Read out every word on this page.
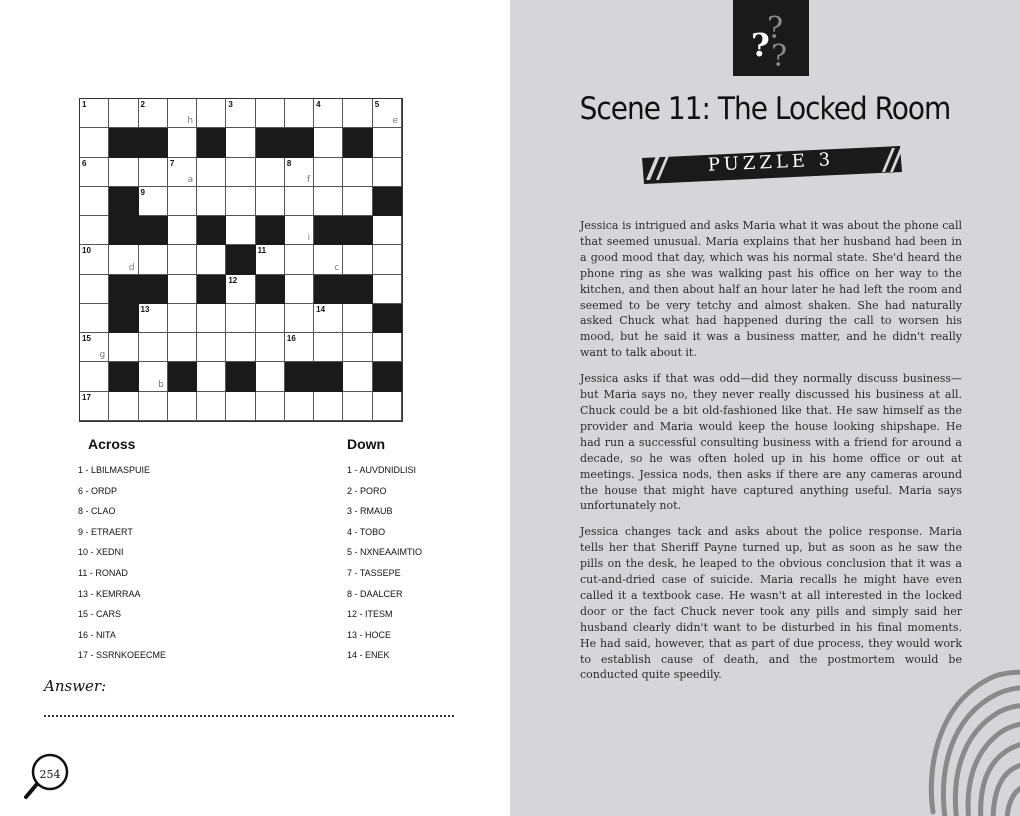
1	2
h
3	4	5
e
6	7
a
8
f
9
i
10
d
11
c
12
13	14
15
g
16
b
17
Across
1 - LBILMASPUIE
6 - ORDP
8 - CLAO
9 - ETRAERT
10 - XEDNI
11 - RONAD
13 - KEMRRAA
15 - CARS
16 - NITA
17 - SSRNKOEECME
Down
1 - AUVDNIDLISI
2 - PORO
3 - RMAUB
4 - TOBO
5 - NXNEAAIMTIO
7 - TASSEPE
8 - DAALCER
12 - ITESM
13 - HOCE
14 - ENEK
Answer:
254
?
?
?
Scene 11: The Locked Room
PUZZLE 3

Jessica is intrigued and asks Maria what it was about the phone call that seemed unusual. Maria explains that her husband had been in a good mood that day, which was his normal state. She'd heard the phone ring as she was walking past his office on her way to the kitchen, and then about half an hour later he had left the room and seemed to be very tetchy and almost shaken. She had naturally asked Chuck what had happened during the call to worsen his mood, but he said it was a business matter, and he didn't really want to talk about it.

Jessica asks if that was odd—did they normally discuss business—but Maria says no, they never really discussed his business at all. Chuck could be a bit old-fashioned like that. He saw himself as the provider and Maria would keep the house looking shipshape. He had run a successful consulting business with a friend for around a decade, so he was often holed up in his home office or out at meetings. Jessica nods, then asks if there are any cameras around the house that might have captured anything useful. Maria says unfortunately not.

Jessica changes tack and asks about the police response. Maria tells her that Sheriff Payne turned up, but as soon as he saw the pills on the desk, he leaped to the obvious conclusion that it was a cut-and-dried case of suicide. Maria recalls he might have even called it a textbook case. He wasn't at all interested in the locked door or the fact Chuck never took any pills and simply said her husband clearly didn't want to be disturbed in his final moments. He had said, however, that as part of due process, they would work to establish cause of death, and the postmortem would be conducted quite speedily.
